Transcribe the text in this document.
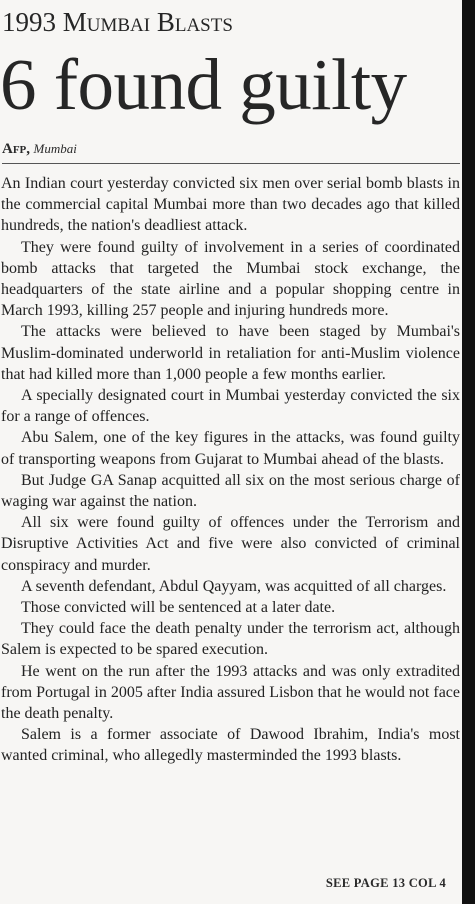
1993 Mumbai Blasts
6 found guilty
Afp, Mumbai

An Indian court yesterday convicted six men over serial bomb blasts in the commercial capital Mumbai more than two decades ago that killed hundreds, the nation's deadliest attack.

They were found guilty of involvement in a series of coordinated bomb attacks that targeted the Mumbai stock exchange, the headquarters of the state airline and a popular shopping centre in March 1993, killing 257 people and injuring hundreds more.

The attacks were believed to have been staged by Mumbai's Muslim-dominated underworld in retaliation for anti-Muslim violence that had killed more than 1,000 people a few months earlier.

A specially designated court in Mumbai yesterday convicted the six for a range of offences.

Abu Salem, one of the key figures in the attacks, was found guilty of transporting weapons from Gujarat to Mumbai ahead of the blasts.

But Judge GA Sanap acquitted all six on the most serious charge of waging war against the nation.

All six were found guilty of offences under the Terrorism and Disruptive Activities Act and five were also convicted of criminal conspiracy and murder.

A seventh defendant, Abdul Qayyam, was acquitted of all charges.

Those convicted will be sentenced at a later date.

They could face the death penalty under the terrorism act, although Salem is expected to be spared execution.

He went on the run after the 1993 attacks and was only extradited from Portugal in 2005 after India assured Lisbon that he would not face the death penalty.

Salem is a former associate of Dawood Ibrahim, India's most wanted criminal, who allegedly masterminded the 1993 blasts.

SEE PAGE 13 COL 4
